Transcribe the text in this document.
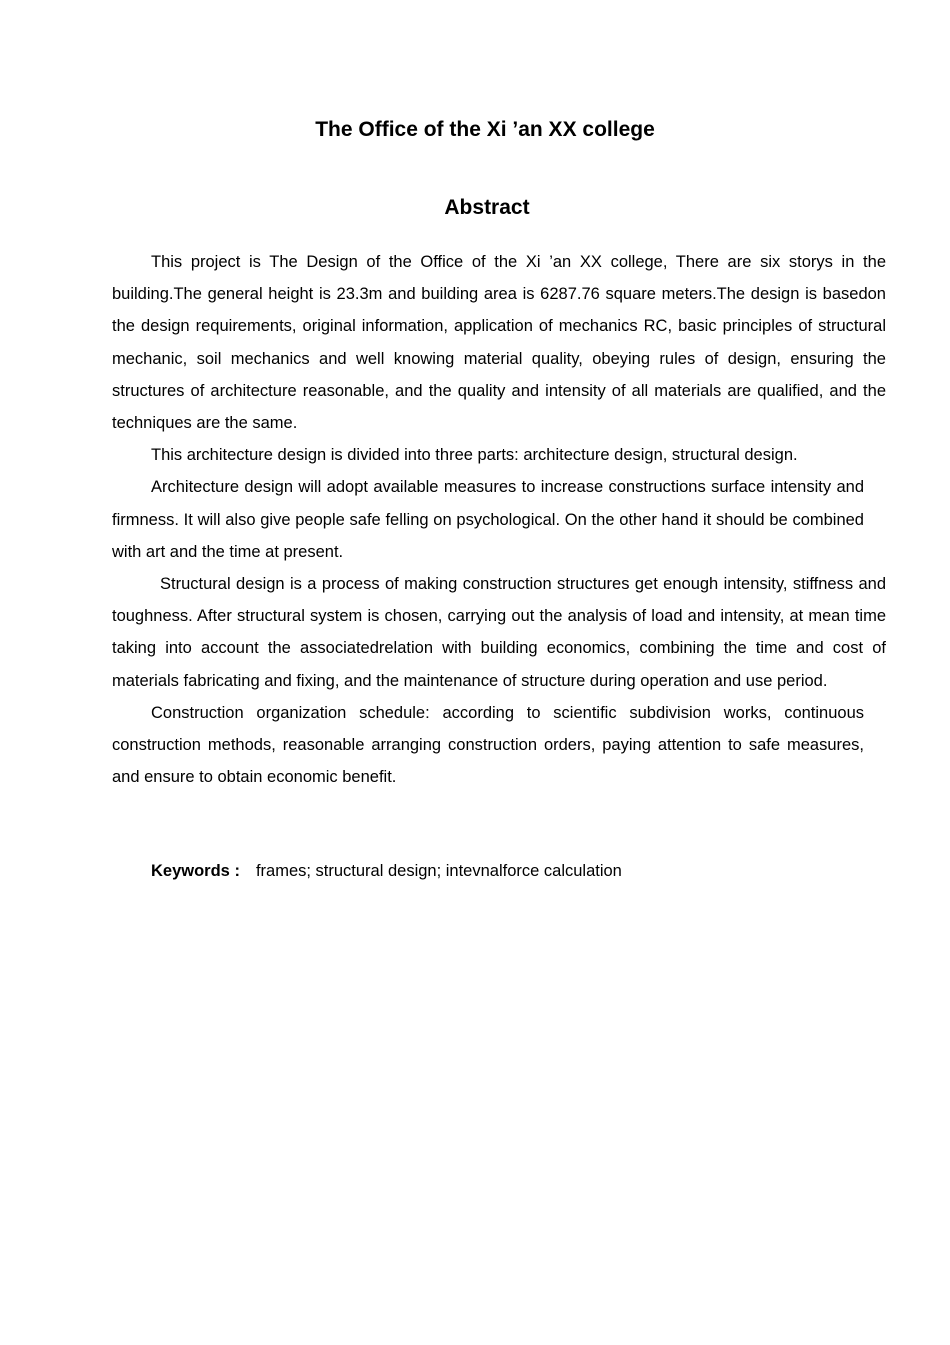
The Office of the Xi ’an XX college
Abstract

This project is The Design of the Office of the Xi ’an XX college, There are six storys in the building.The general height is 23.3m and building area is 6287.76 square meters.The design is basedon the design requirements, original information, application of mechanics RC, basic principles of structural mechanic, soil mechanics and well knowing material quality, obeying rules of design, ensuring the structures of architecture reasonable, and the quality and intensity of all materials are qualified, and the techniques are the same.

This architecture design is divided into three parts: architecture design, structural design.

Architecture design will adopt available measures to increase constructions surface intensity and firmness. It will also give people safe felling on psychological. On the other hand it should be combined with art and the time at present.

Structural design is a process of making construction structures get enough intensity, stiffness and toughness. After structural system is chosen, carrying out the analysis of load and intensity, at mean time taking into account the associatedrelation with building economics, combining the time and cost of materials fabricating and fixing, and the maintenance of structure during operation and use period.

Construction organization schedule: according to scientific subdivision works, continuous construction methods, reasonable arranging construction orders, paying attention to safe measures, and ensure to obtain economic benefit.

Keywords : frames; structural design; intevnalforce calculation
